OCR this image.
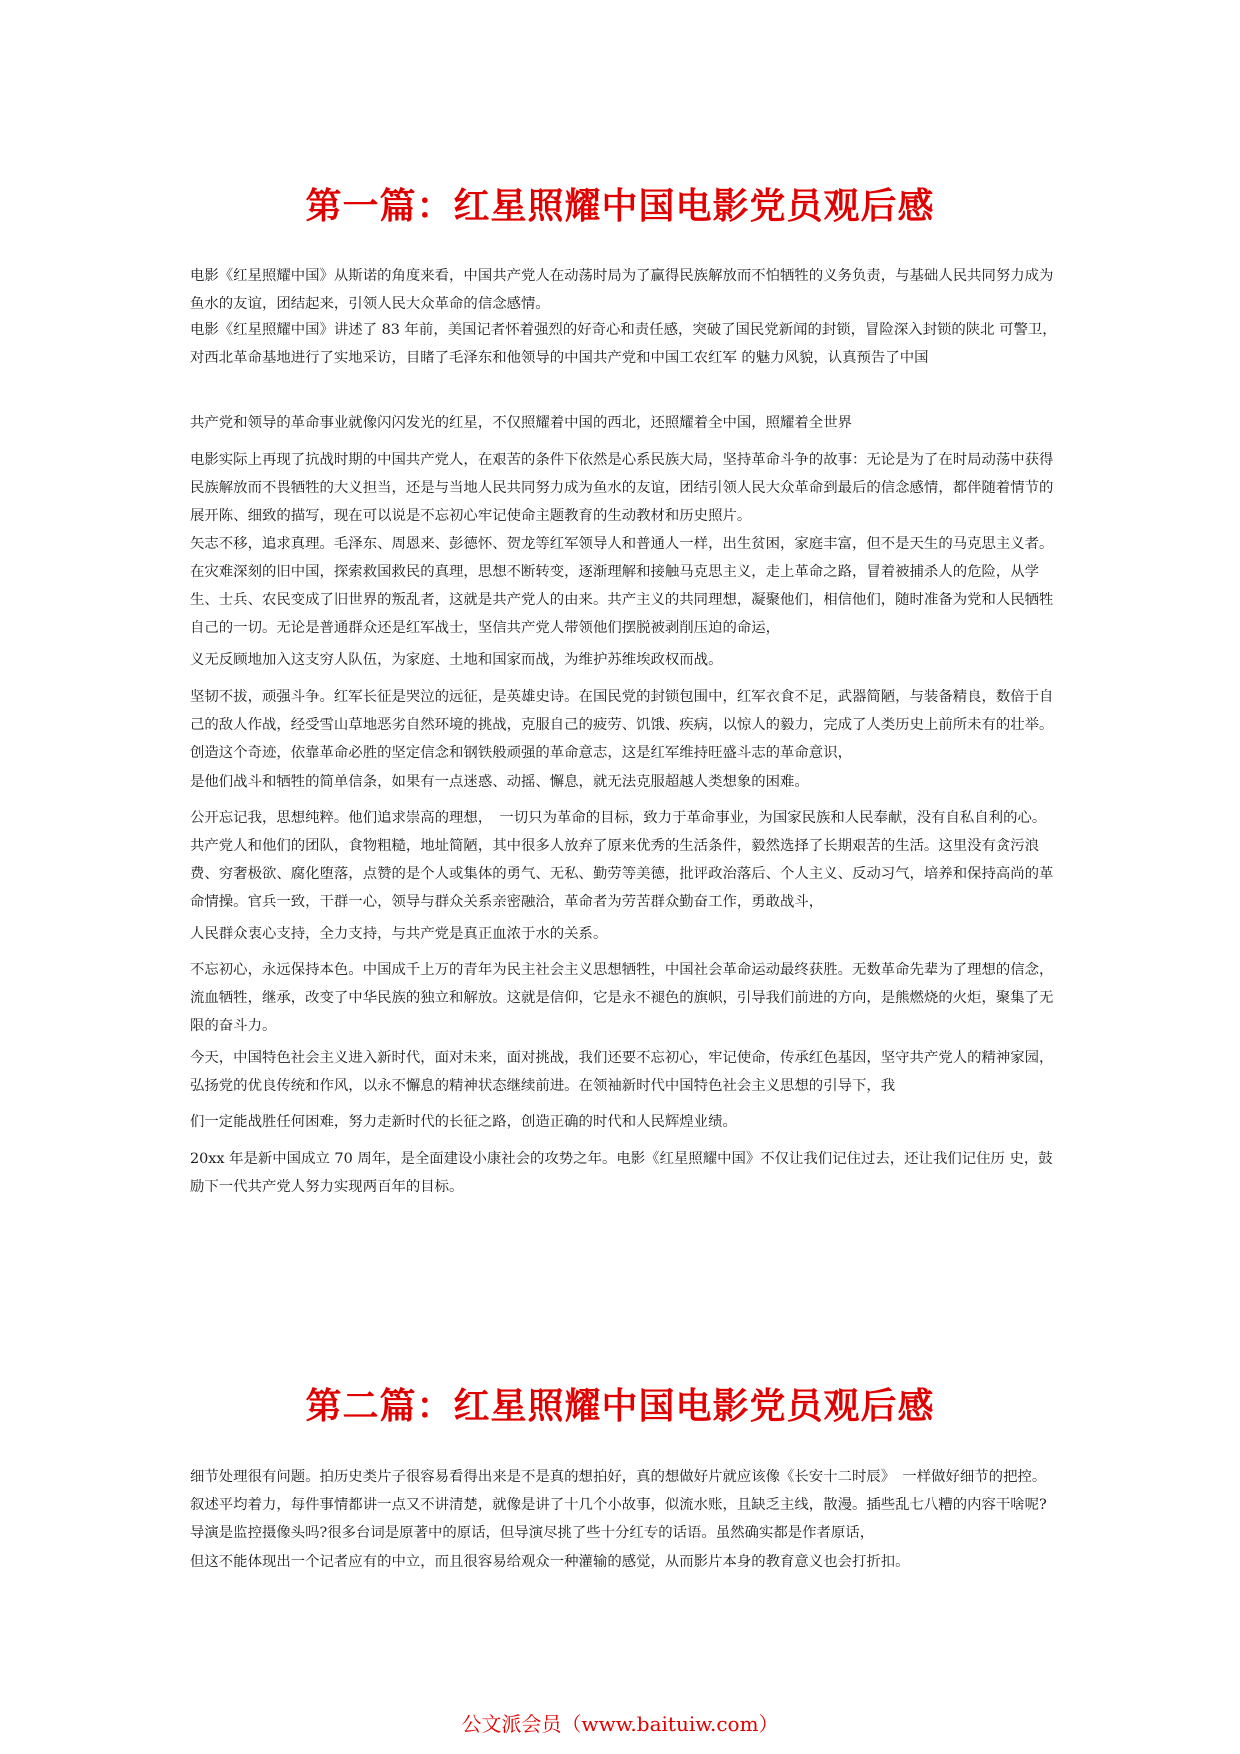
第一篇：红星照耀中国电影党员观后感

电影《红星照耀中国》从斯诺的角度来看，中国共产党人在动荡时局为了赢得民族解放而不怕牺牲的义务负责，与基础人民共同努力成为鱼水的友谊，团结起来，引领人民大众革命的信念感情。

电影《红星照耀中国》讲述了 83 年前，美国记者怀着强烈的好奇心和责任感，突破了国民党新闻的封锁，冒险深入封锁的陕北 可警卫，对西北革命基地进行了实地采访，目睹了毛泽东和他领导的中国共产党和中国工农红军 的魅力风貌，认真预告了中国

共产党和领导的革命事业就像闪闪发光的红星，不仅照耀着中国的西北，还照耀着全中国，照耀着全世界

电影实际上再现了抗战时期的中国共产党人，在艰苦的条件下依然是心系民族大局，坚持革命斗争的故事：无论是为了在时局动荡中获得民族解放而不畏牺牲的大义担当，还是与当地人民共同努力成为鱼水的友谊，团结引领人民大众革命到最后的信念感情，都伴随着情节的展开陈、细致的描写，现在可以说是不忘初心牢记使命主题教育的生动教材和历史照片。

矢志不移，追求真理。毛泽东、周恩来、彭德怀、贺龙等红军领导人和普通人一样，出生贫困，家庭丰富，但不是天生的马克思主义者。在灾难深刻的旧中国，探索救国救民的真理，思想不断转变，逐渐理解和接触马克思主义，走上革命之路，冒着被捕杀人的危险，从学生、士兵、农民变成了旧世界的叛乱者，这就是共产党人的由来。共产主义的共同理想，凝聚他们，相信他们，随时准备为党和人民牺牲自己的一切。无论是普通群众还是红军战士，坚信共产党人带领他们摆脱被剥削压迫的命运，

义无反顾地加入这支穷人队伍，为家庭、土地和国家而战，为维护苏维埃政权而战。

坚韧不拔，顽强斗争。红军长征是哭泣的远征，是英雄史诗。在国民党的封锁包围中，红军衣食不足，武器简陋，与装备精良，数倍于自己的敌人作战，经受雪山草地恶劣自然环境的挑战，克服自己的疲劳、饥饿、疾病，以惊人的毅力，完成了人类历史上前所未有的壮举。创造这个奇迹，依靠革命必胜的坚定信念和钢铁般顽强的革命意志，这是红军维持旺盛斗志的革命意识，

是他们战斗和牺牲的简单信条，如果有一点迷惑、动摇、懈息，就无法克服超越人类想象的困难。

公开忘记我，思想纯粹。他们追求崇高的理想，　一切只为革命的目标，致力于革命事业，为国家民族和人民奉献，没有自私自利的心。共产党人和他们的团队，食物粗糙，地址简陋，其中很多人放弃了原来优秀的生活条件，毅然选择了长期艰苦的生活。这里没有贪污浪费、穷奢极欲、腐化堕落，点赞的是个人或集体的勇气、无私、勤劳等美德，批评政治落后、个人主义、反动习气，培养和保持高尚的革命情操。官兵一致，干群一心，领导与群众关系亲密融洽，革命者为劳苦群众勤奋工作，勇敢战斗，

人民群众衷心支持，全力支持，与共产党是真正血浓于水的关系。

不忘初心，永远保持本色。中国成千上万的青年为民主社会主义思想牺牲，中国社会革命运动最终获胜。无数革命先辈为了理想的信念，流血牺牲，继承，改变了中华民族的独立和解放。这就是信仰，它是永不褪色的旗帜，引导我们前进的方向，是熊燃烧的火炬，聚集了无限的奋斗力。

今天，中国特色社会主义进入新时代，面对未来，面对挑战，我们还要不忘初心，牢记使命，传承红色基因，坚守共产党人的精神家园，弘扬党的优良传统和作风，以永不懈息的精神状态继续前进。在领袖新时代中国特色社会主义思想的引导下，我

们一定能战胜任何困难，努力走新时代的长征之路，创造正确的时代和人民辉煌业绩。

20xx 年是新中国成立 70 周年，是全面建设小康社会的攻势之年。电影《红星照耀中国》不仅让我们记住过去，还让我们记住历 史，鼓励下一代共产党人努力实现两百年的目标。

第二篇：红星照耀中国电影党员观后感

细节处理很有问题。拍历史类片子很容易看得出来是不是真的想拍好，真的想做好片就应该像《长安十二时辰》　一样做好细节的把控。叙述平均着力，每件事情都讲一点又不讲清楚，就像是讲了十几个小故事，似流水账，且缺乏主线，散漫。插些乱七八糟的内容干啥呢?导演是监控摄像头吗?很多台词是原著中的原话，但导演尽挑了些十分红专的话语。虽然确实都是作者原话，

但这不能体现出一个记者应有的中立，而且很容易给观众一种灌输的感觉，从而影片本身的教育意义也会打折扣。

公文派会员（www.baituiw.com）
